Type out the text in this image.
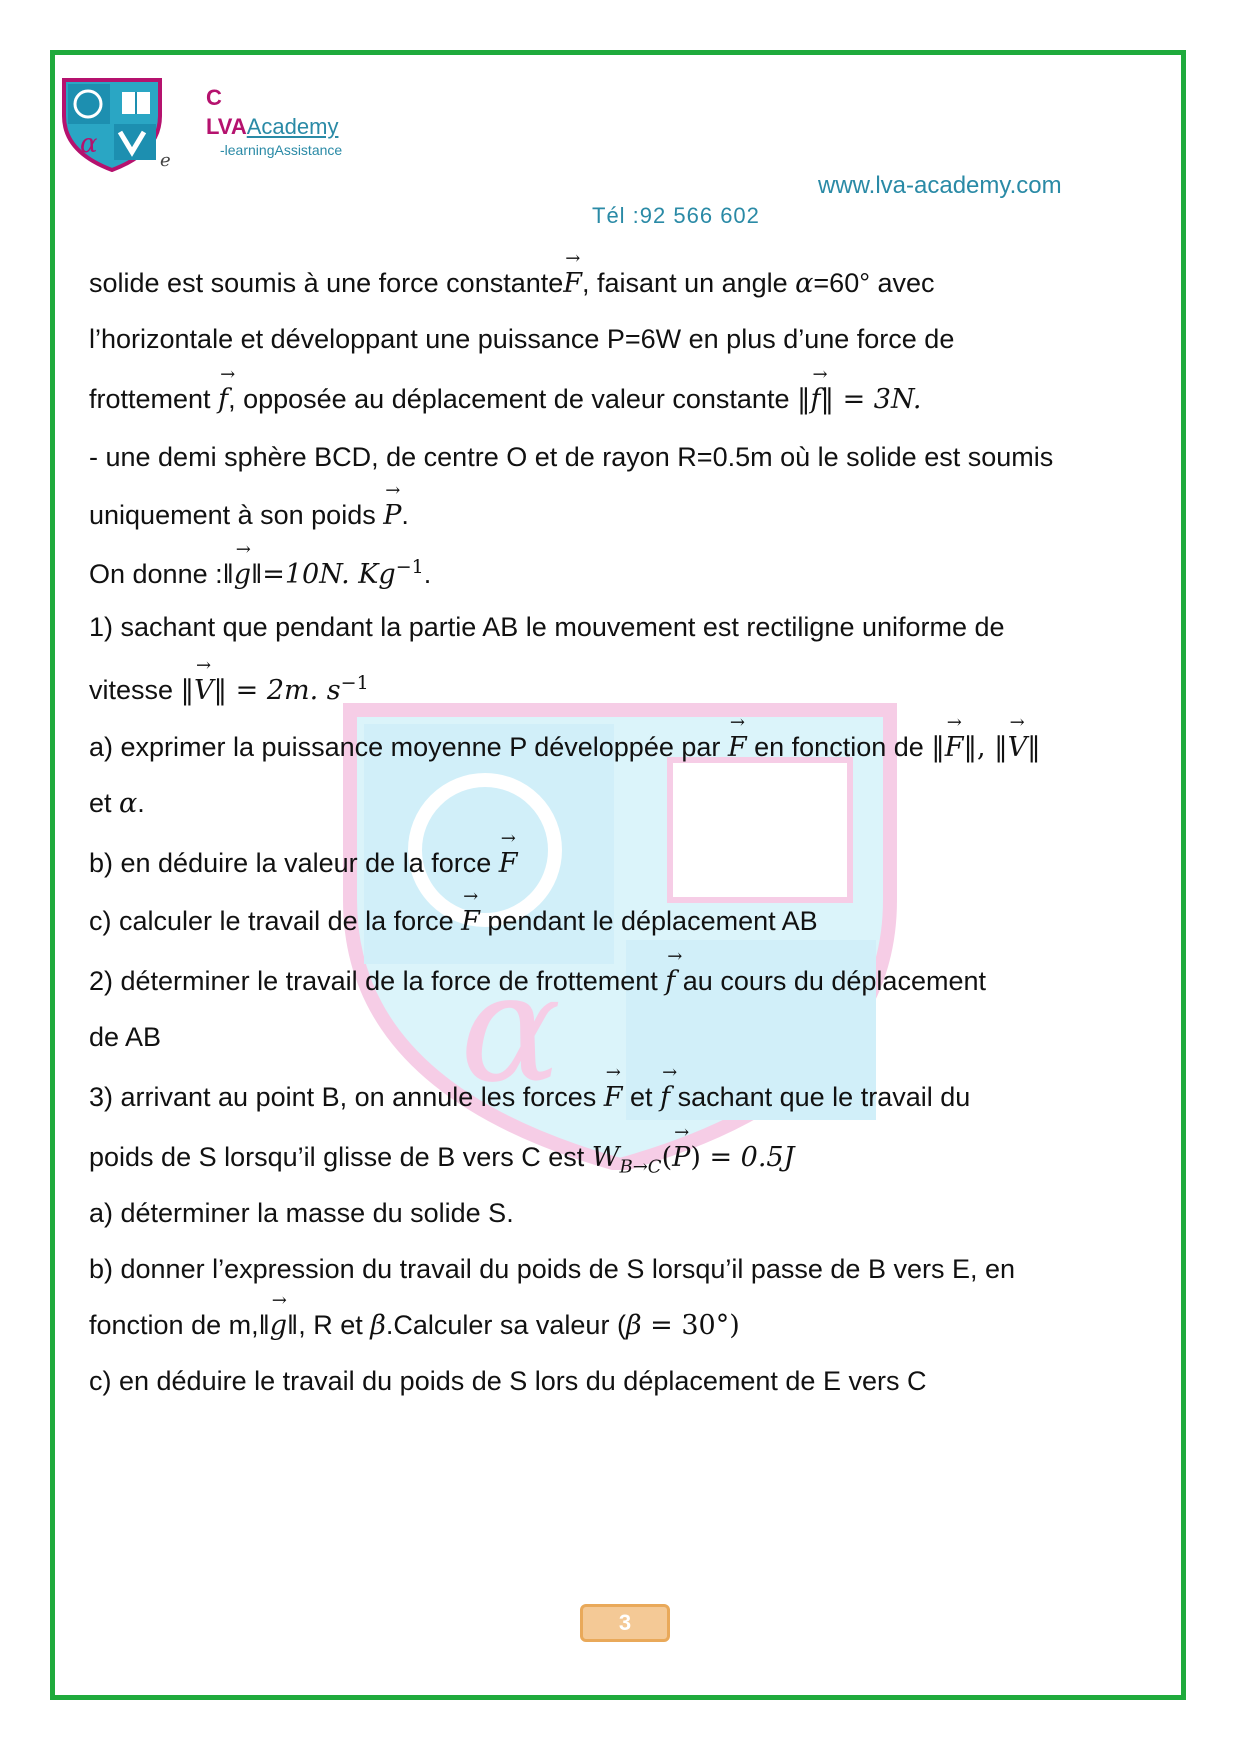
α
C
LVAAcademy
-learningAssistance
e
www.lva-academy.com
Tél :92 566 602
α
solide est soumis à une force constanteF →, faisant un angle α=60° avec
l’horizontale et développant une puissance P=6W en plus d’une force de
frottement f →, opposée au déplacement de valeur constante ‖f →‖ = 3N.
- une demi sphère BCD, de centre O et de rayon R=0.5m où le solide est soumis
uniquement à son poids P →.
On donne :‖g →‖=10N. $Kg^{-1}$.
1) sachant que pendant la partie AB le mouvement est rectiligne uniforme de
vitesse ‖V →‖ = 2m. $s^{-1}$
a) exprimer la puissance moyenne P développée par F → en fonction de ‖F →‖, ‖V →‖
et α.
b) en déduire la valeur de la force F →
c) calculer le travail de la force F → pendant le déplacement AB
2) déterminer le travail de la force de frottement f → au cours du déplacement
de AB
3) arrivant au point B, on annule les forces F → et f → sachant que le travail du
poids de S lorsqu’il glisse de B vers C est $W_{B\to C}(P$ →) = 0.5J
a) déterminer la masse du solide S.
b) donner l’expression du travail du poids de S lorsqu’il passe de B vers E, en
fonction de m,‖g →‖, R et β.Calculer sa valeur (β = 30°)
c) en déduire le travail du poids de S lors du déplacement de E vers C
3
